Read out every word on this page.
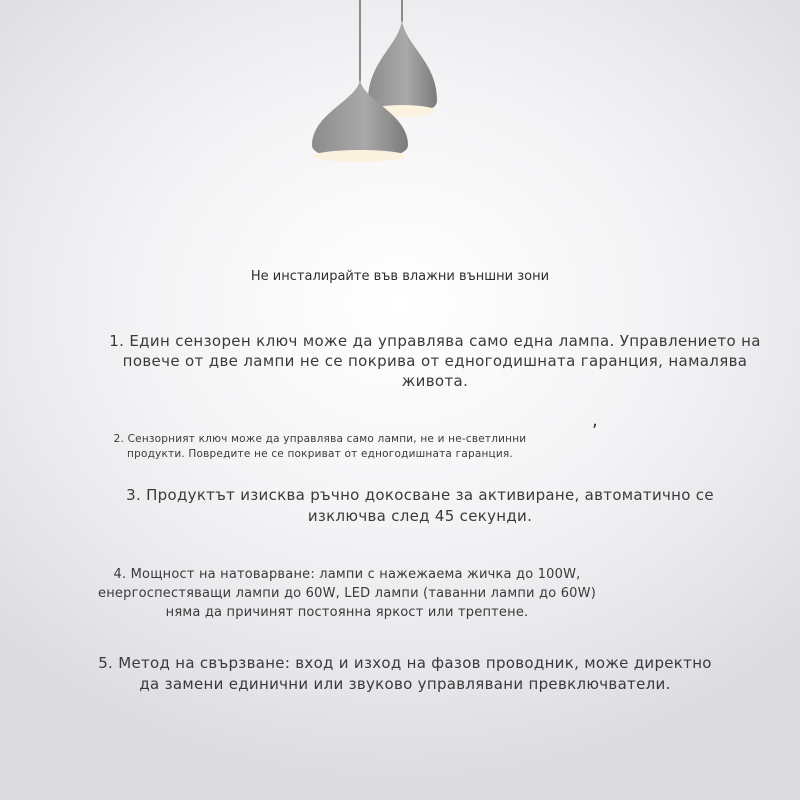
Не инсталирайте във влажни външни зони

1. Един сензорен ключ може да управлява само една лампа. Управлението на повече от две лампи не се покрива от едногодишната гаранция, намалява живота.

,

2. Сензорният ключ може да управлява само лампи, не и не-светлинни продукти. Повредите не се покриват от едногодишната гаранция.

3. Продуктът изисква ръчно докосване за активиране, автоматично се изключва след 45 секунди.

4. Мощност на натоварване: лампи с нажежаема жичка до 100W, енергоспестяващи лампи до 60W, LED лампи (таванни лампи до 60W) няма да причинят постоянна яркост или трептене.

5. Метод на свързване: вход и изход на фазов проводник, може директно да замени единични или звуково управлявани превключватели.
